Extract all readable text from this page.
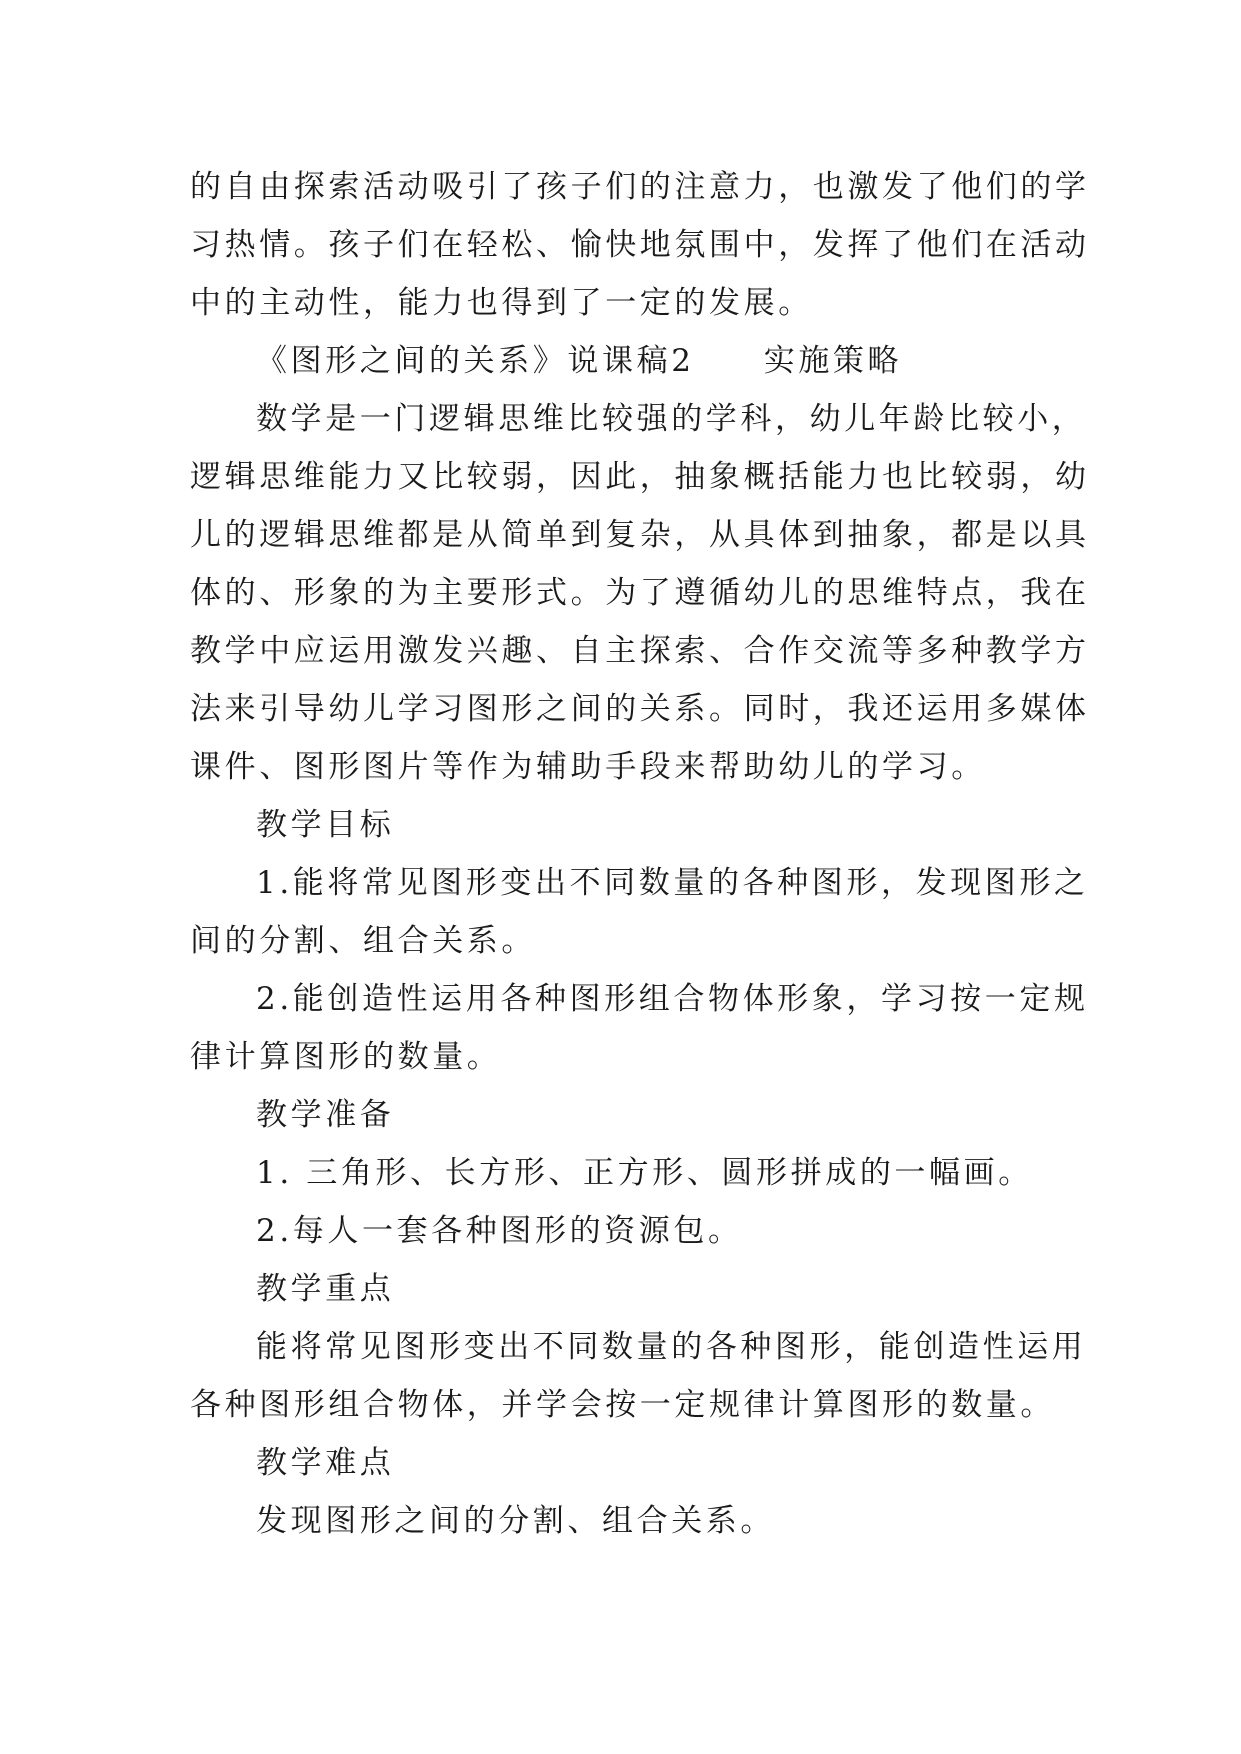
的自由探索活动吸引了孩子们的注意力，也激发了他们的学
习热情。孩子们在轻松、愉快地氛围中，发挥了他们在活动
中的主动性，能力也得到了一定的发展。
《图形之间的关系》说课稿2　　实施策略
数学是一门逻辑思维比较强的学科，幼儿年龄比较小，
逻辑思维能力又比较弱，因此，抽象概括能力也比较弱，幼
儿的逻辑思维都是从简单到复杂，从具体到抽象，都是以具
体的、形象的为主要形式。为了遵循幼儿的思维特点，我在
教学中应运用激发兴趣、自主探索、合作交流等多种教学方
法来引导幼儿学习图形之间的关系。同时，我还运用多媒体
课件、图形图片等作为辅助手段来帮助幼儿的学习。
教学目标
1.能将常见图形变出不同数量的各种图形，发现图形之
间的分割、组合关系。
2.能创造性运用各种图形组合物体形象，学习按一定规
律计算图形的数量。
教学准备
1. 三角形、长方形、正方形、圆形拼成的一幅画。
2.每人一套各种图形的资源包。
教学重点
能将常见图形变出不同数量的各种图形，能创造性运用
各种图形组合物体，并学会按一定规律计算图形的数量。
教学难点
发现图形之间的分割、组合关系。
